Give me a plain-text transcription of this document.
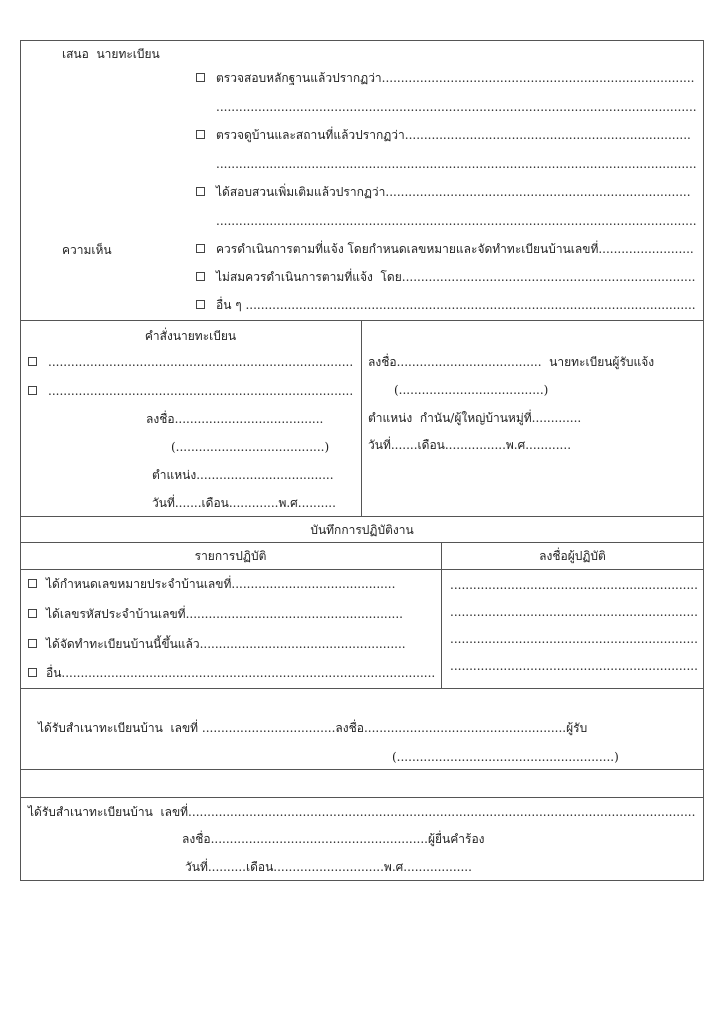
เสนอ  นายทะเบียน
ตรวจสอบหลักฐานแล้วปรากฏว่า..................................................................................
..............................................................................................................................
ตรวจดูบ้านและสถานที่แล้วปรากฏว่า...........................................................................
..............................................................................................................................
ได้สอบสวนเพิ่มเติมแล้วปรากฏว่า................................................................................
..............................................................................................................................
ความเห็น	ควรดำเนินการตามที่แจ้ง โดยกำหนดเลขหมายและจัดทำทะเบียนบ้านเลขที่.........................
ไม่สมควรดำเนินการตามที่แจ้ง  โดย.............................................................................
อื่น ๆ ......................................................................................................................
คำสั่งนายทะเบียน
................................................................................
................................................................................
ลงชื่อ.......................................
(.......................................)
ตำแหน่ง....................................
วันที่.......เดือน.............พ.ศ..........
ลงชื่อ......................................  นายทะเบียนผู้รับแจ้ง
(......................................)
ตำแหน่ง  กำนัน/ผู้ใหญ่บ้านหมู่ที่.............
วันที่.......เดือน................พ.ศ............
บันทึกการปฏิบัติงาน
รายการปฏิบัติ	ลงชื่อผู้ปฏิบัติ
ได้กำหนดเลขหมายประจำบ้านเลขที่...........................................
ได้เลขรหัสประจำบ้านเลขที่.........................................................
ได้จัดทำทะเบียนบ้านนี้ขึ้นแล้ว......................................................
อื่น..................................................................................................
.................................................................
.................................................................
.................................................................
.................................................................
ได้รับสำเนาทะเบียนบ้าน  เลขที่ ...................................ลงชื่อ.....................................................ผู้รับ
(.........................................................)
ได้รับสำเนาทะเบียนบ้าน  เลขที่.....................................................................................................................................
ลงชื่อ.........................................................ผู้ยื่นคำร้อง
วันที่..........เดือน.............................พ.ศ..................
